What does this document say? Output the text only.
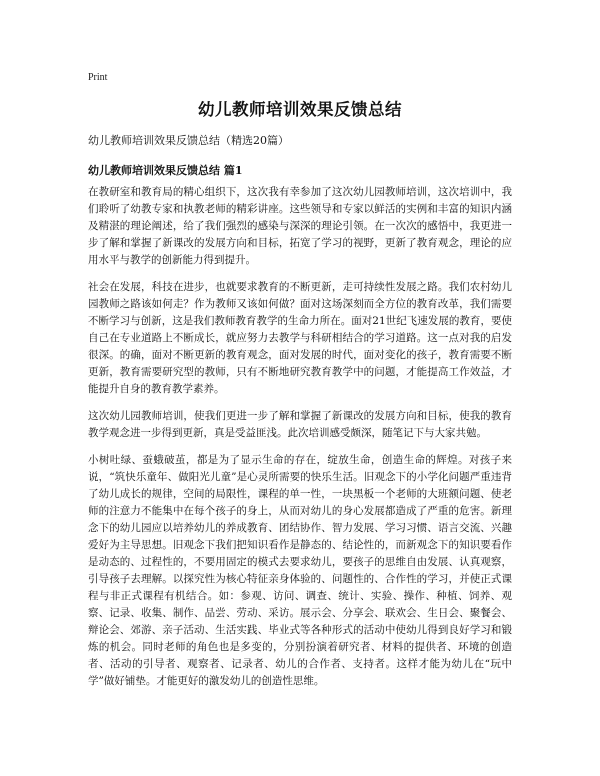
Print
幼儿教师培训效果反馈总结
幼儿教师培训效果反馈总结（精选20篇）
幼儿教师培训效果反馈总结 篇1

在教研室和教育局的精心组织下，这次我有幸参加了这次幼儿园教师培训，这次培训中，我们聆听了幼教专家和执教老师的精彩讲座。这些领导和专家以鲜活的实例和丰富的知识内涵及精湛的理论阐述，给了我们强烈的感染与深深的理论引领。在一次次的感悟中，我更进一步了解和掌握了新课改的发展方向和目标，拓宽了学习的视野，更新了教育观念，理论的应用水平与教学的创新能力得到提升。

社会在发展，科技在进步，也就要求教育的不断更新，走可持续性发展之路。我们农村幼儿园教师之路该如何走？作为教师又该如何做？面对这场深刻而全方位的教育改革，我们需要不断学习与创新，这是我们教师教育教学的生命力所在。面对21世纪飞速发展的教育，要使自己在专业道路上不断成长，就应努力去教学与科研相结合的学习道路。这一点对我的启发很深。的确，面对不断更新的教育观念，面对发展的时代，面对变化的孩子，教育需要不断更新，教育需要研究型的教师，只有不断地研究教育教学中的问题，才能提高工作效益，才能提升自身的教育教学素养。

这次幼儿园教师培训，使我们更进一步了解和掌握了新课改的发展方向和目标，使我的教育教学观念进一步得到更新，真是受益匪浅。此次培训感受颇深，随笔记下与大家共勉。

小树吐绿、蚕蛾破茧，都是为了显示生命的存在，绽放生命，创造生命的辉煌。对孩子来说，“筑快乐童年、做阳光儿童”是心灵所需要的快乐生活。旧观念下的小学化问题严重违背了幼儿成长的规律，空间的局限性，课程的单一性，一块黑板一个老师的大班额问题、使老师的注意力不能集中在每个孩子的身上，从而对幼儿的身心发展都造成了严重的危害。新理念下的幼儿园应以培养幼儿的养成教育、团结协作、智力发展、学习习惯、语言交流、兴趣爱好为主导思想。旧观念下我们把知识看作是静态的、结论性的，而新观念下的知识要看作是动态的、过程性的，不要用固定的模式去要求幼儿，要孩子的思维自由发展、认真观察，引导孩子去理解。以探究性为核心特征亲身体验的、问题性的、合作性的学习，并使正式课程与非正式课程有机结合。如：参观、访问、调查、统计、实验、操作、种植、饲养、观察、记录、收集、制作、品尝、劳动、采访。展示会、分享会、联欢会、生日会、聚餐会、辩论会、郊游、亲子活动、生活实践、毕业式等各种形式的活动中使幼儿得到良好学习和锻炼的机会。同时老师的角色也是多变的，分别扮演着研究者、材料的提供者、环境的创造者、活动的引导者、观察者、记录者、幼儿的合作者、支持者。这样才能为幼儿在“玩中学”做好铺垫。才能更好的激发幼儿的创造性思维。
